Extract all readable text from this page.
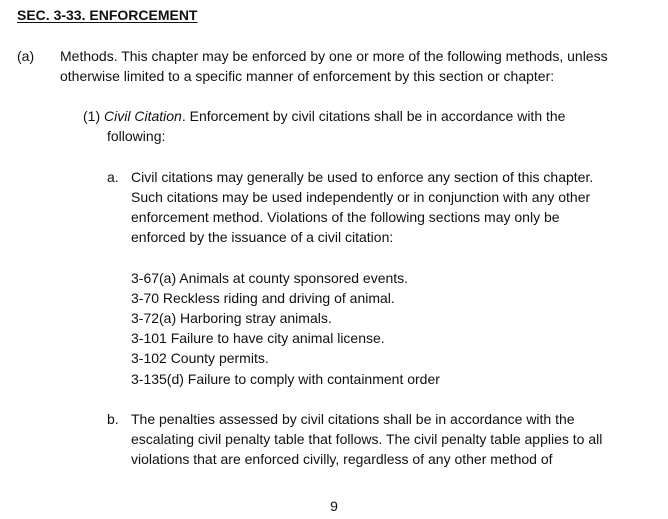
SEC. 3-33. ENFORCEMENT
(a) Methods. This chapter may be enforced by one or more of the following methods, unless
otherwise limited to a specific manner of enforcement by this section or chapter:
(1) Civil Citation. Enforcement by civil citations shall be in accordance with the
following:
a. Civil citations may generally be used to enforce any section of this chapter.
Such citations may be used independently or in conjunction with any other
enforcement method. Violations of the following sections may only be
enforced by the issuance of a civil citation:
3-67(a) Animals at county sponsored events.
3-70 Reckless riding and driving of animal.
3-72(a) Harboring stray animals.
3-101 Failure to have city animal license.
3-102 County permits.
3-135(d) Failure to comply with containment order
b. The penalties assessed by civil citations shall be in accordance with the
escalating civil penalty table that follows. The civil penalty table applies to all
violations that are enforced civilly, regardless of any other method of
9
